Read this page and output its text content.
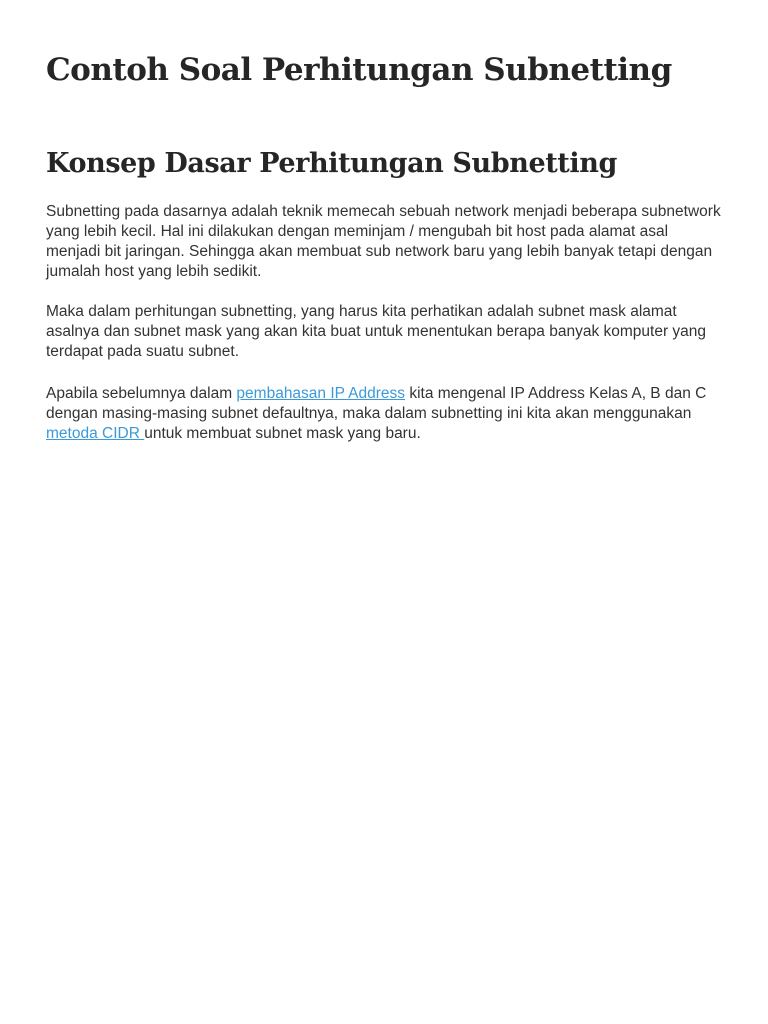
Contoh Soal Perhitungan Subnetting
Konsep Dasar Perhitungan Subnetting

Subnetting pada dasarnya adalah teknik memecah sebuah network menjadi beberapa subnetwork yang lebih kecil. Hal ini dilakukan dengan meminjam / mengubah bit host pada alamat asal menjadi bit jaringan. Sehingga akan membuat sub network baru yang lebih banyak tetapi dengan jumalah host yang lebih sedikit.

Maka dalam perhitungan subnetting, yang harus kita perhatikan adalah subnet mask alamat asalnya dan subnet mask yang akan kita buat untuk menentukan berapa banyak komputer yang terdapat pada suatu subnet.

Apabila sebelumnya dalam pembahasan IP Address kita mengenal IP Address Kelas A, B dan C dengan masing-masing subnet defaultnya, maka dalam subnetting ini kita akan menggunakan metoda CIDR untuk membuat subnet mask yang baru.
